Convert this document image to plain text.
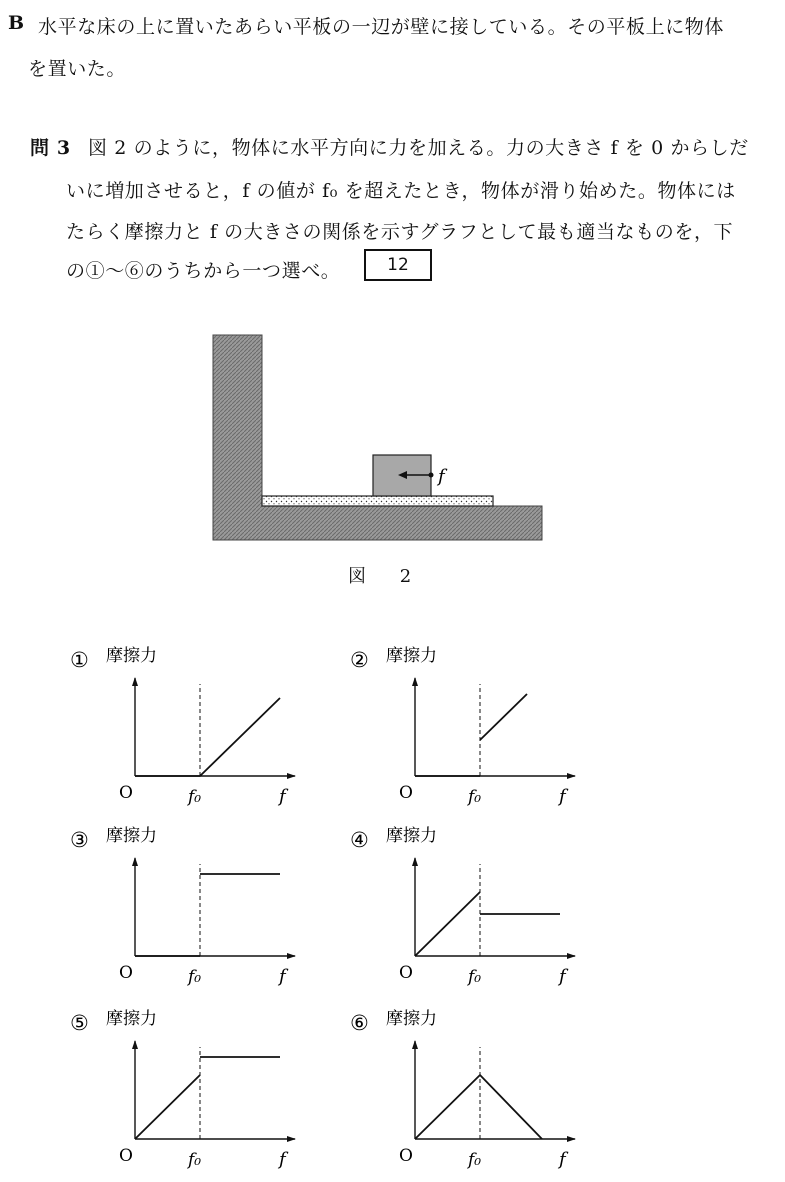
B 水平な床の上に置いたあらい平板の一辺が壁に接している。その平板上に物体
を置いた。
問 3 図 2 のように，物体に水平方向に力を加える。力の大きさ f を 0 からしだ
いに増加させると，f の値が f₀ を超えたとき，物体が滑り始めた。物体には
たらく摩擦力と f の大きさの関係を示すグラフとして最も適当なものを，下
の①～⑥のうちから一つ選べ。	12
f
図 2
① 摩擦力
O	f₀	f
② 摩擦力
O	f₀	f
③ 摩擦力
O	f₀	f
④ 摩擦力
O	f₀	f
⑤ 摩擦力
O	f₀	f
⑥ 摩擦力
O	f₀	f
